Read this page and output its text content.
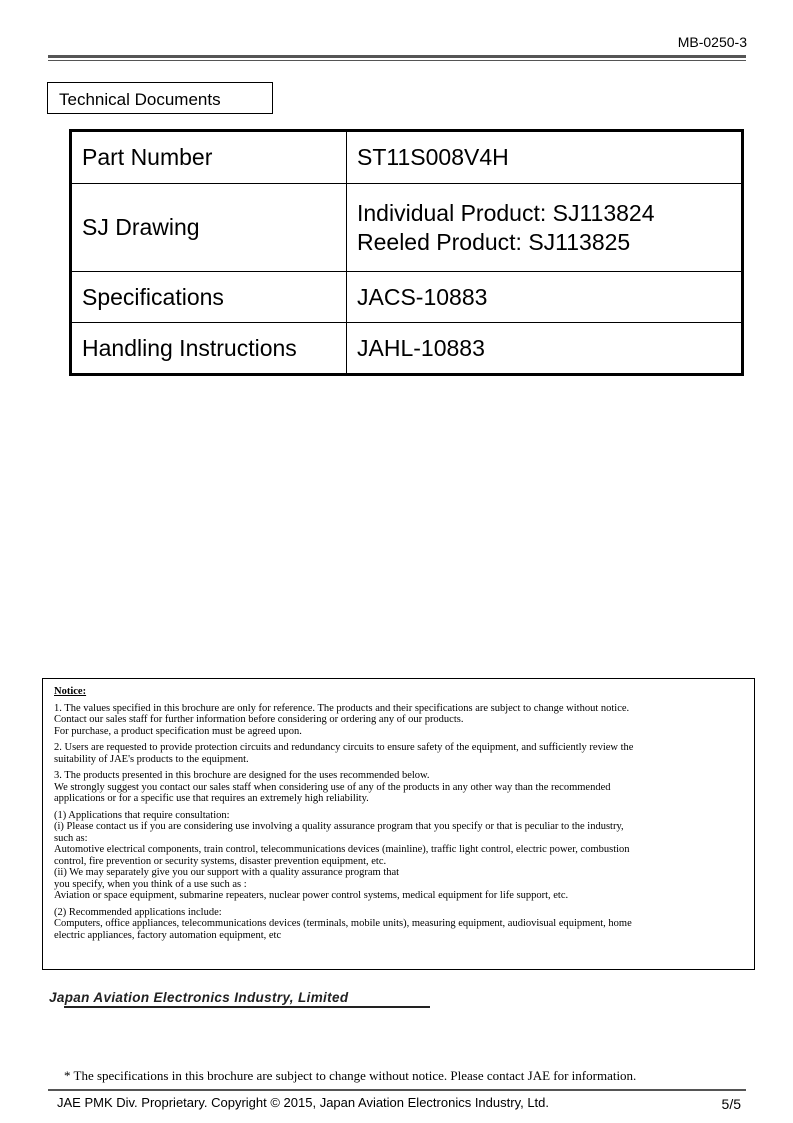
MB-0250-3
Technical Documents
Part Number	ST11S008V4H

SJ Drawing	Individual Product: SJ113824
Reeled Product: SJ113825

Specifications	JACS-10883

Handling Instructions	JAHL-10883
Notice:

1. The values specified in this brochure are only for reference. The products and their specifications are subject to change without notice.
Contact our sales staff for further information before considering or ordering any of our products.
For purchase, a product specification must be agreed upon.

2. Users are requested to provide protection circuits and redundancy circuits to ensure safety of the equipment, and sufficiently review the
suitability of JAE's products to the equipment.

3. The products presented in this brochure are designed for the uses recommended below.
We strongly suggest you contact our sales staff when considering use of any of the products in any other way than the recommended
applications or for a specific use that requires an extremely high reliability.

(1) Applications that require consultation:
(i) Please contact us if you are considering use involving a quality assurance program that you specify or that is peculiar to the industry,
such as:
Automotive electrical components, train control, telecommunications devices (mainline), traffic light control, electric power, combustion
control, fire prevention or security systems, disaster prevention equipment, etc.
(ii) We may separately give you our support with a quality assurance program that
you specify, when you think of a use such as :
Aviation or space equipment, submarine repeaters, nuclear power control systems, medical equipment for life support, etc.

(2) Recommended applications include:
Computers, office appliances, telecommunications devices (terminals, mobile units), measuring equipment, audiovisual equipment, home
electric appliances, factory automation equipment, etc

Japan Aviation Electronics Industry, Limited
* The specifications in this brochure are subject to change without notice. Please contact JAE for information.
JAE PMK Div. Proprietary. Copyright © 2015, Japan Aviation Electronics Industry, Ltd.	5/5
